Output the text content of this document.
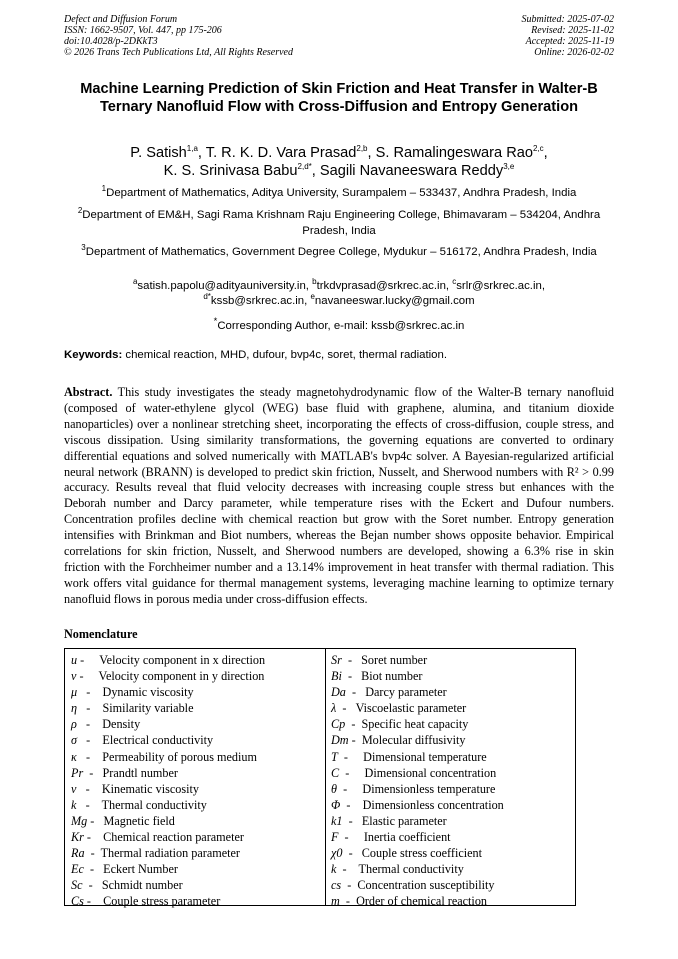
Defect and Diffusion Forum
ISSN: 1662-9507, Vol. 447, pp 175-206
doi:10.4028/p-2DKkT3
© 2026 Trans Tech Publications Ltd, All Rights Reserved
Submitted: 2025-07-02
Revised: 2025-11-02
Accepted: 2025-11-19
Online: 2026-02-02
Machine Learning Prediction of Skin Friction and Heat Transfer in Walter-B Ternary Nanofluid Flow with Cross-Diffusion and Entropy Generation
P. Satish$^{1,a}$, T. R. K. D. Vara Prasad$^{2,b}$, S. Ramalingeswara Rao$^{2,c}$,
K. S. Srinivasa Babu$^{2,d*}$, Sagili Navaneeswara Reddy$^{3,e}$
$^1$Department of Mathematics, Aditya University, Surampalem – 533437, Andhra Pradesh, India
$^2$Department of EM&H, Sagi Rama Krishnam Raju Engineering College, Bhimavaram – 534204, Andhra Pradesh, India
$^3$Department of Mathematics, Government Degree College, Mydukur – 516172, Andhra Pradesh, India
$^a$satish.papolu@adityauniversity.in, $^b$trkdvprasad@srkrec.ac.in, $^c$srlr@srkrec.ac.in,
$^{d*}$kssb@srkrec.ac.in, $^e$navaneeswar.lucky@gmail.com
*Corresponding Author, e-mail: kssb@srkrec.ac.in
Keywords: chemical reaction, MHD, dufour, bvp4c, soret, thermal radiation.
Abstract. This study investigates the steady magnetohydrodynamic flow of the Walter-B ternary nanofluid (composed of water-ethylene glycol (WEG) base fluid with graphene, alumina, and titanium dioxide nanoparticles) over a nonlinear stretching sheet, incorporating the effects of cross-diffusion, couple stress, and viscous dissipation. Using similarity transformations, the governing equations are converted to ordinary differential equations and solved numerically with MATLAB's bvp4c solver. A Bayesian-regularized artificial neural network (BRANN) is developed to predict skin friction, Nusselt, and Sherwood numbers with R² > 0.99 accuracy. Results reveal that fluid velocity decreases with increasing couple stress but enhances with the Deborah number and Darcy parameter, while temperature rises with the Eckert and Dufour numbers. Concentration profiles decline with chemical reaction but grow with the Soret number. Entropy generation intensifies with Brinkman and Biot numbers, whereas the Bejan number shows opposite behavior. Empirical correlations for skin friction, Nusselt, and Sherwood numbers are developed, showing a 6.3% rise in skin friction with the Forchheimer number and a 13.14% improvement in heat transfer with thermal radiation. This work offers vital guidance for thermal management systems, leveraging machine learning to optimize ternary nanofluid flows in porous media under cross-diffusion effects.
Nomenclature
u -     Velocity component in x direction
v -     Velocity component in y direction
μ   -    Dynamic viscosity
η   -    Similarity variable
ρ   -    Density
σ   -    Electrical conductivity
κ   -    Permeability of porous medium
Pr  -   Prandtl number
ν   -    Kinematic viscosity
k   -    Thermal conductivity
Mg -   Magnetic field
Kr -    Chemical reaction parameter
Ra  -  Thermal radiation parameter
Ec  -   Eckert Number
Sc  -   Schmidt number
Cs -    Couple stress parameter
Sr  -   Soret number
Bi  -   Biot number
Da  -   Darcy parameter
λ  -   Viscoelastic parameter
Cp  -  Specific heat capacity
Dm -  Molecular diffusivity
T  -     Dimensional temperature
C  -     Dimensional concentration
θ  -     Dimensionless temperature
Φ  -    Dimensionless concentration
k1  -   Elastic parameter
F  -     Inertia coefficient
χ0  -   Couple stress coefficient
k  -    Thermal conductivity
cs  -  Concentration susceptibility
m  -  Order of chemical reaction
